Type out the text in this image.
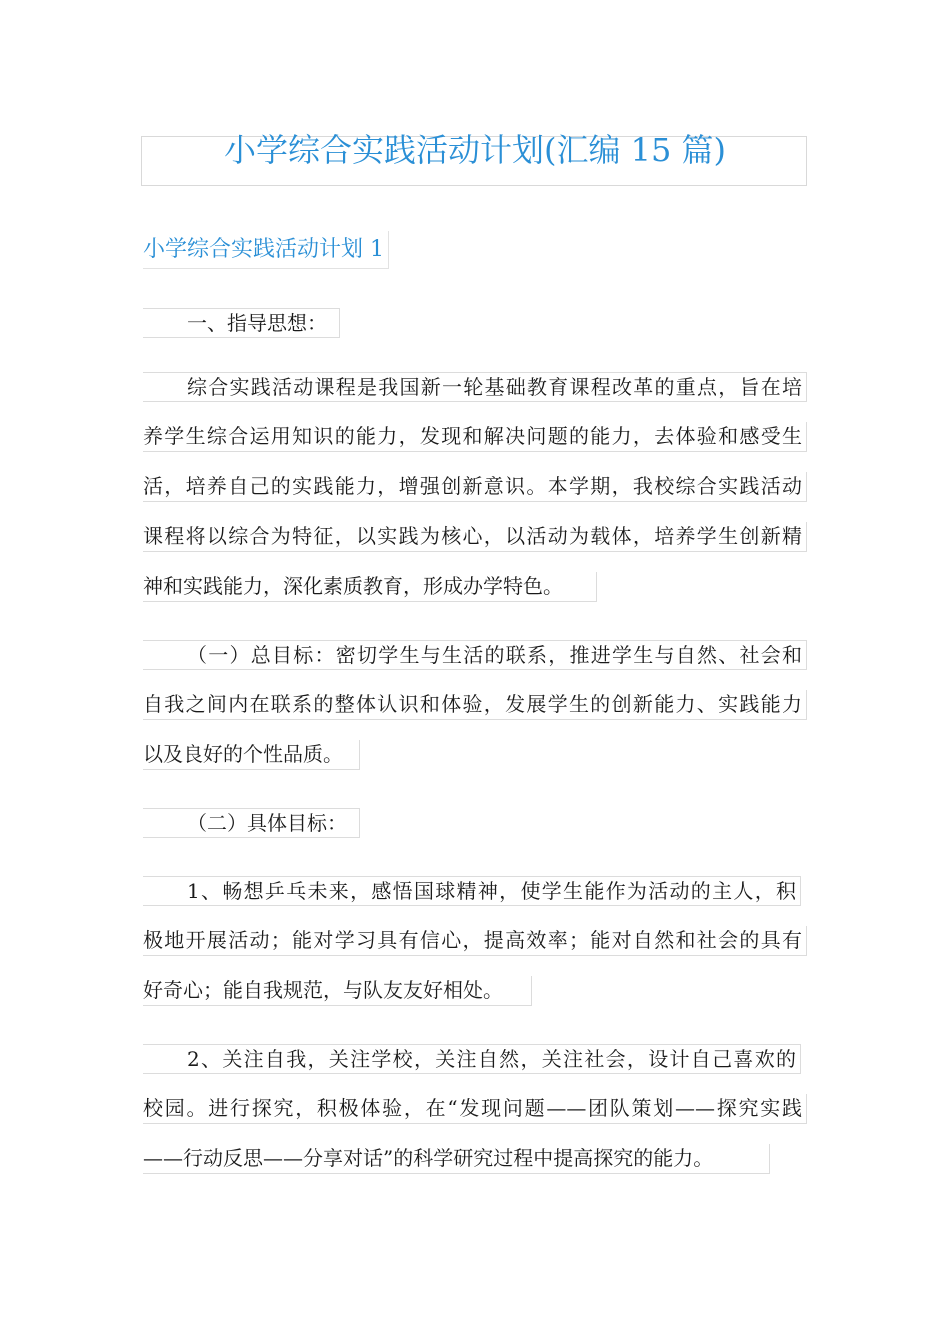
小学综合实践活动计划(汇编 15 篇)
小学综合实践活动计划 1
一、指导思想：
综合实践活动课程是我国新一轮基础教育课程改革的重点，旨在培
养学生综合运用知识的能力，发现和解决问题的能力，去体验和感受生
活，培养自己的实践能力，增强创新意识。本学期，我校综合实践活动
课程将以综合为特征，以实践为核心，以活动为载体，培养学生创新精
神和实践能力，深化素质教育，形成办学特色。
（一）总目标：密切学生与生活的联系，推进学生与自然、社会和
自我之间内在联系的整体认识和体验，发展学生的创新能力、实践能力
以及良好的个性品质。
（二）具体目标：
1、畅想乒乓未来，感悟国球精神，使学生能作为活动的主人，积
极地开展活动；能对学习具有信心，提高效率；能对自然和社会的具有
好奇心；能自我规范，与队友友好相处。
2、关注自我，关注学校，关注自然，关注社会，设计自己喜欢的
校园。进行探究，积极体验，在“发现问题——团队策划——探究实践
——行动反思——分享对话”的科学研究过程中提高探究的能力。
